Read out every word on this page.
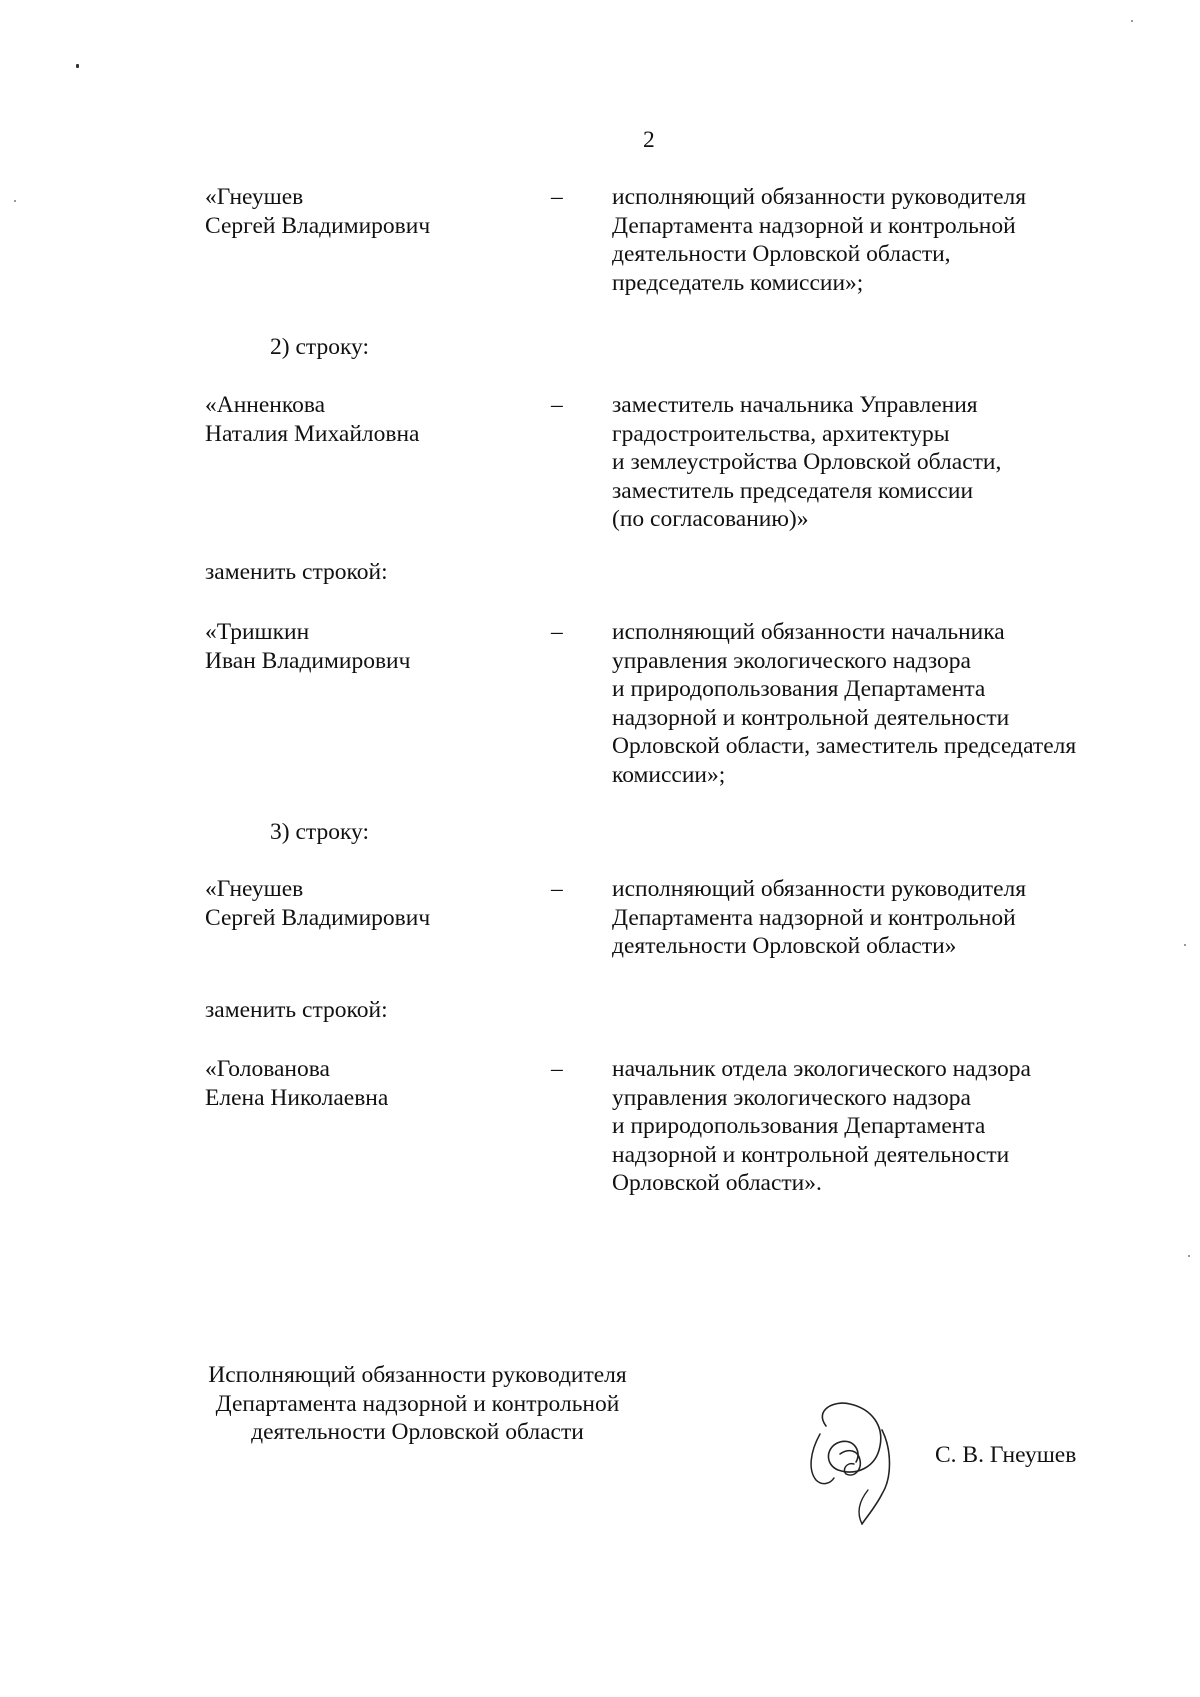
2
«Гнеушев
Сергей Владимирович
– исполняющий обязанности руководителя
Департамента надзорной и контрольной
деятельности Орловской области,
председатель комиссии»;
2) строку:
«Анненкова
Наталия Михайловна
– заместитель начальника Управления
градостроительства, архитектуры
и землеустройства Орловской области,
заместитель председателя комиссии
(по согласованию)»
заменить строкой:
«Тришкин
Иван Владимирович
– исполняющий обязанности начальника
управления экологического надзора
и природопользования Департамента
надзорной и контрольной деятельности
Орловской области, заместитель председателя
комиссии»;
3) строку:
«Гнеушев
Сергей Владимирович
– исполняющий обязанности руководителя
Департамента надзорной и контрольной
деятельности Орловской области»
заменить строкой:
«Голованова
Елена Николаевна
– начальник отдела экологического надзора
управления экологического надзора
и природопользования Департамента
надзорной и контрольной деятельности
Орловской области».
Исполняющий обязанности руководителя Департамента надзорной и контрольной деятельности Орловской области
С. В. Гнеушев
